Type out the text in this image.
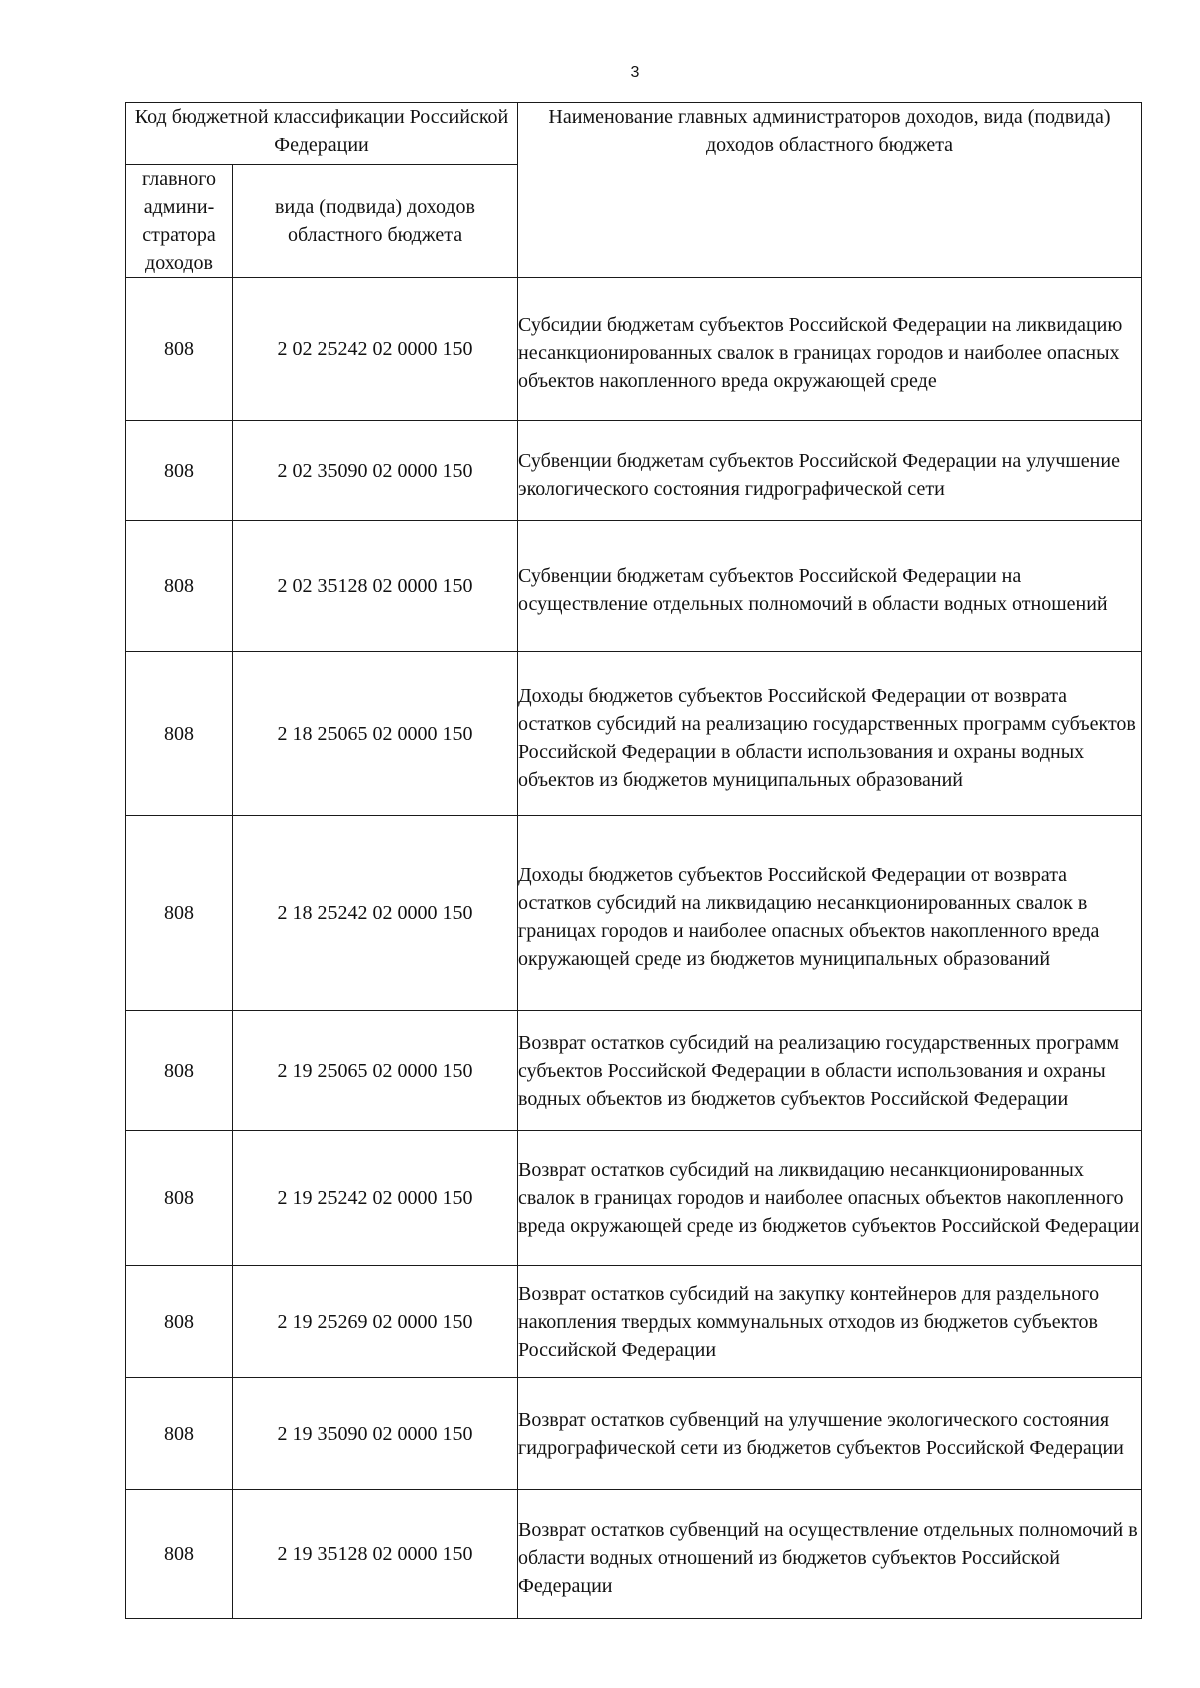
3
Код бюджетной классификации Российской Федерации		Наименование главных администраторов доходов, вида (подвида) доходов областного бюджета
главного админи-стратора доходов	вида (подвида) доходов областного бюджета	
808	2 02 25242 02 0000 150	Субсидии бюджетам субъектов Российской Федерации на ликвидацию несанкционированных свалок в границах городов и наиболее опасных объектов накопленного вреда окружающей среде
808	2 02 35090 02 0000 150	Субвенции бюджетам субъектов Российской Федерации на улучшение экологического состояния гидрографической сети
808	2 02 35128 02 0000 150	Субвенции бюджетам субъектов Российской Федерации на осуществление отдельных полномочий в области водных отношений
808	2 18 25065 02 0000 150	Доходы бюджетов субъектов Российской Федерации от возврата остатков субсидий на реализацию государственных программ субъектов Российской Федерации в области использования и охраны водных объектов из бюджетов муниципальных образований
808	2 18 25242 02 0000 150	Доходы бюджетов субъектов Российской Федерации от возврата остатков субсидий на ликвидацию несанкционированных свалок в границах городов и наиболее опасных объектов накопленного вреда окружающей среде из бюджетов муниципальных образований
808	2 19 25065 02 0000 150	Возврат остатков субсидий на реализацию государственных программ субъектов Российской Федерации в области использования и охраны водных объектов из бюджетов субъектов Российской Федерации
808	2 19 25242 02 0000 150	Возврат остатков субсидий на ликвидацию несанкционированных свалок в границах городов и наиболее опасных объектов накопленного вреда окружающей среде из бюджетов субъектов Российской Федерации
808	2 19 25269 02 0000 150	Возврат остатков субсидий на закупку контейнеров для раздельного накопления твердых коммунальных отходов из бюджетов субъектов Российской Федерации
808	2 19 35090 02 0000 150	Возврат остатков субвенций на улучшение экологического состояния гидрографической сети из бюджетов субъектов Российской Федерации
808	2 19 35128 02 0000 150	Возврат остатков субвенций на осуществление отдельных полномочий в области водных отношений из бюджетов субъектов Российской Федерации
